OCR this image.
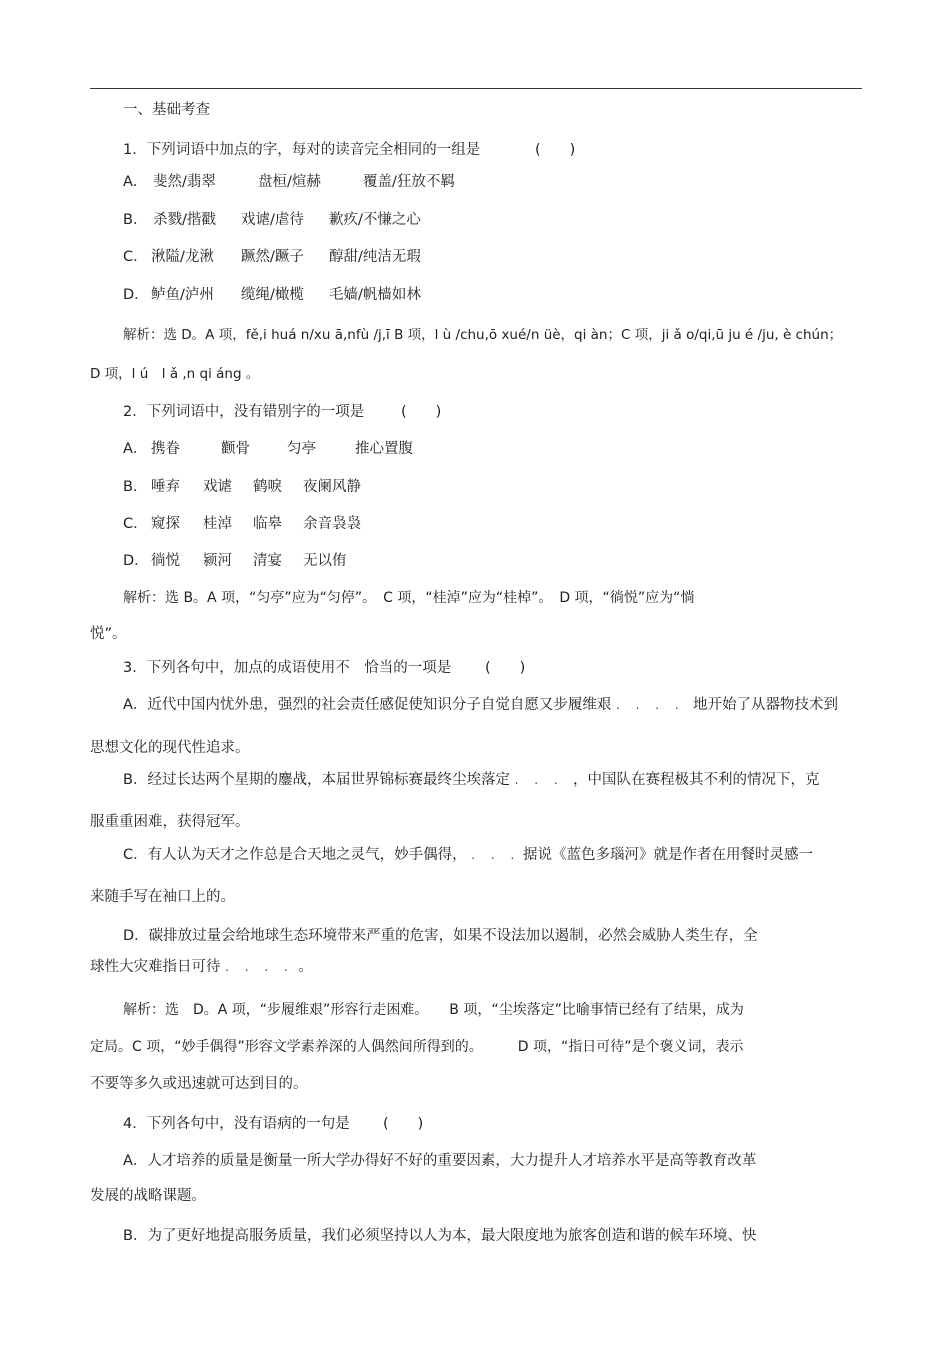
一、基础考查
1．下列词语中加点的字，每对的读音完全相同的一组是	(　　)
A． 斐然/翡翠	盘桓/煊赫	覆盖/狂放不羁
B． 杀戮/揩戳 戏谑/虐待 歉疚/不慊之心
C． 湫隘/龙湫 蹶然/蹶子 醇甜/纯洁无瑕
D． 鲈鱼/泸州 缆绳/橄榄 毛嫱/帆樯如林
解析：选 D。A 项，fě,i huá n/xu ā,nfù /j,ī B 项，l ù /chu,ō xué/n üè，qi àn；C 项，ji ǎ o/qi,ū ju é /ju, è chún；
D 项，l ú　l ǎ ,n qi áng 。
2．下列词语中，没有错别字的一项是	(　　)
A． 携眷	颧骨	匀亭	推心置腹
B． 唾弃 戏谑 鹤唳 夜阑风静
C． 窥探 桂淖 临皋 余音袅袅
D． 徜悦 颍河 清宴 无以侑
解析：选 B。A 项，“匀亭”应为“匀停”。　C 项，“桂淖”应为“桂棹”。　D 项，“徜悦”应为“惝
悦”。
3．下列各句中，加点的成语使用不　恰当的一项是 (　　)
A．近代中国内忧外患，强烈的社会责任感促使知识分子自觉自愿又步履维艰 . . . . 地开始了从器物技术到
思想文化的现代性追求。
B．经过长达两个星期的鏖战，本届世界锦标赛最终尘埃落定 . . . .
，中国队在赛程极其不利的情况下，克
服重重困难，获得冠军。
C．有人认为天才之作总是合天地之灵气，妙手偶得， . . . .
据说《蓝色多瑙河》就是作者在用餐时灵感一
来随手写在袖口上的。
D．碳排放过量会给地球生态环境带来严重的危害，如果不设法加以遏制，必然会威胁人类生存，全
球性大灾难指日可待 . . . . 。
解析：选　D。A 项，“步履维艰”形容行走困难。　　B 项，“尘埃落定”比喻事情已经有了结果，成为
定局。C 项，“妙手偶得”形容文学素养深的人偶然间所得到的。　　　D 项，“指日可待”是个褒义词，表示
不要等多久或迅速就可达到目的。
4．下列各句中，没有语病的一句是 (　　)
A．人才培养的质量是衡量一所大学办得好不好的重要因素，大力提升人才培养水平是高等教育改革
发展的战略课题。
B．为了更好地提高服务质量，我们必须坚持以人为本，最大限度地为旅客创造和谐的候车环境、快
